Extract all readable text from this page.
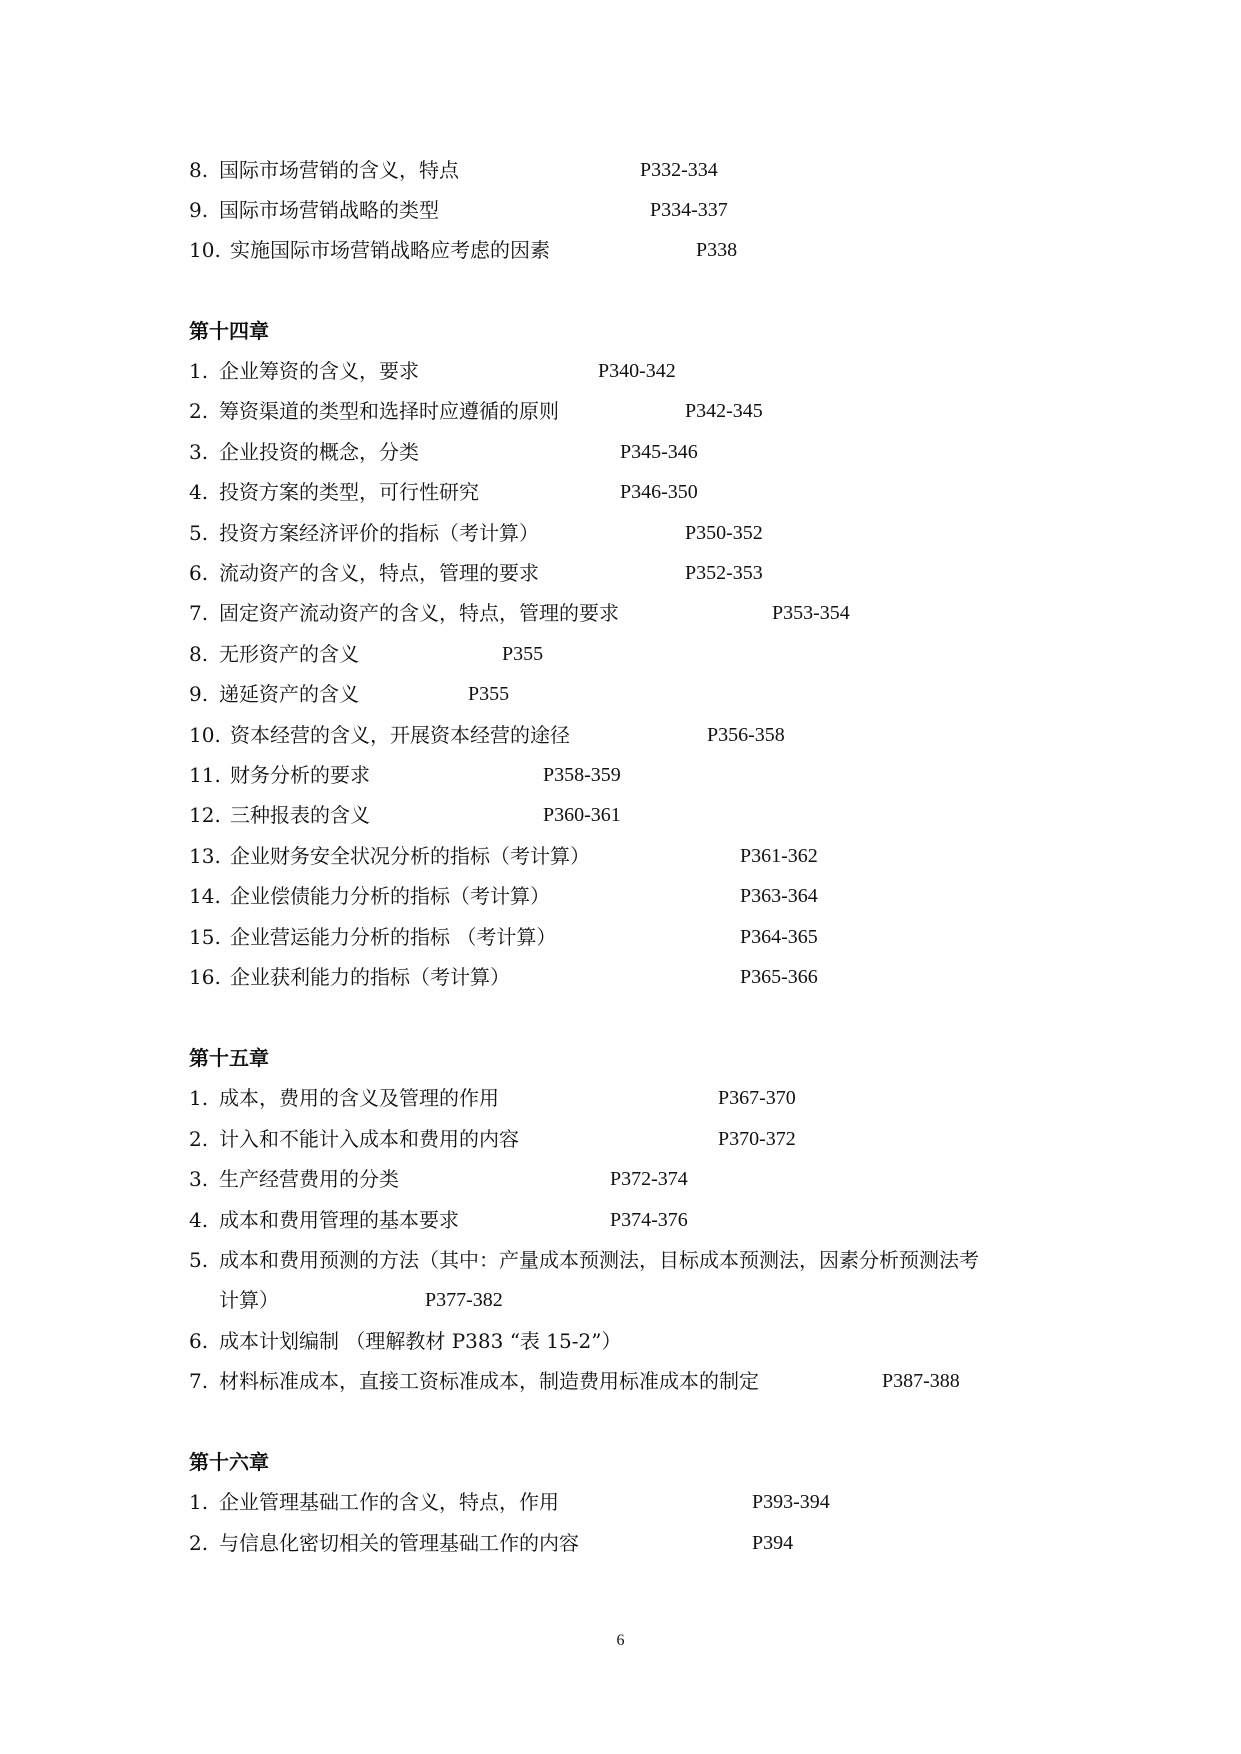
8. 国际市场营销的含义，特点	P332-334
9. 国际市场营销战略的类型	P334-337
10. 实施国际市场营销战略应考虑的因素	P338
第十四章
1. 企业筹资的含义，要求	P340-342
2. 筹资渠道的类型和选择时应遵循的原则	P342-345
3. 企业投资的概念，分类	P345-346
4. 投资方案的类型，可行性研究	P346-350
5. 投资方案经济评价的指标（考计算）	P350-352
6. 流动资产的含义，特点，管理的要求	P352-353
7. 固定资产流动资产的含义，特点，管理的要求	P353-354
8. 无形资产的含义	P355
9. 递延资产的含义	P355
10. 资本经营的含义，开展资本经营的途径	P356-358
11. 财务分析的要求	P358-359
12. 三种报表的含义	P360-361
13. 企业财务安全状况分析的指标（考计算）	P361-362
14. 企业偿债能力分析的指标（考计算）	P363-364
15. 企业营运能力分析的指标 （考计算）	P364-365
16. 企业获利能力的指标（考计算）	P365-366
第十五章
1. 成本，费用的含义及管理的作用	P367-370
2. 计入和不能计入成本和费用的内容	P370-372
3. 生产经营费用的分类	P372-374
4. 成本和费用管理的基本要求	P374-376
5. 成本和费用预测的方法（其中：产量成本预测法，目标成本预测法，因素分析预测法考
计算）	P377-382
6. 成本计划编制 （理解教材 P383 “表 15-2”）
7. 材料标准成本，直接工资标准成本，制造费用标准成本的制定	P387-388
第十六章
1. 企业管理基础工作的含义，特点，作用	P393-394
2. 与信息化密切相关的管理基础工作的内容	P394
6
